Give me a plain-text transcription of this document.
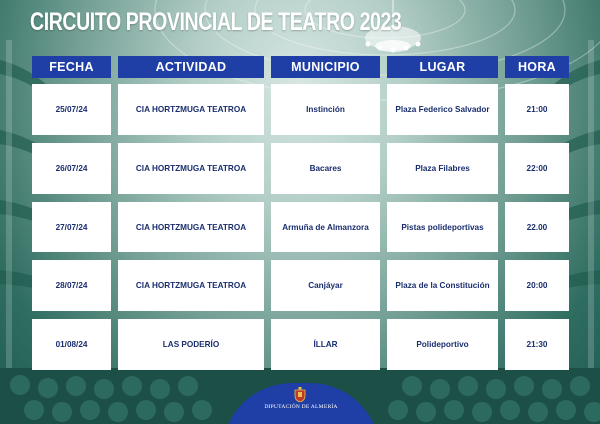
CIRCUITO PROVINCIAL DE TEATRO 2023
FECHA	ACTIVIDAD	MUNICIPIO	LUGAR	HORA
25/07/24	CIA HORTZMUGA TEATROA	Instinción	Plaza Federico Salvador	21:00
26/07/24	CIA HORTZMUGA TEATROA	Bacares	Plaza Filabres	22:00
27/07/24	CIA HORTZMUGA TEATROA	Armuña de Almanzora	Pistas polideportivas	22.00
28/07/24	CIA HORTZMUGA TEATROA	Canjáyar	Plaza de la Constitución	20:00
01/08/24	LAS PODERÍO	ÍLLAR	Polideportivo	21:30
DIPUTACIÓN DE ALMERÍA
